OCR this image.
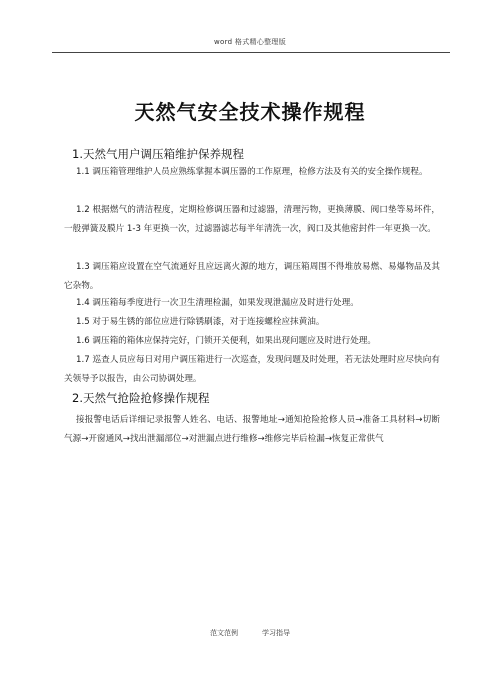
word 格式精心整理版
天然气安全技术操作规程
1.天然气用户调压箱维护保养规程
1.1 调压箱管理维护人员应熟练掌握本调压器的工作原理，检修方法及有关的安全操作规程。
1.2 根据燃气的清洁程度，定期检修调压器和过滤器，清理污物，更换薄膜、阀口垫等易坏件，一般弹簧及膜片 1-3 年更换一次，过滤器滤芯每半年清洗一次，阀口及其他密封件一年更换一次。
1.3 调压箱应设置在空气流通好且应远离火源的地方，调压箱周围不得堆放易燃、易爆物品及其它杂物。
1.4 调压箱每季度进行一次卫生清理检漏，如果发现泄漏应及时进行处理。
1.5 对于易生锈的部位应进行除锈刷漆，对于连接螺栓应抹黄油。
1.6 调压箱的箱体应保持完好，门锁开关便利，如果出现问题应及时进行处理。
1.7 巡查人员应每日对用户调压箱进行一次巡查，发现问题及时处理，若无法处理时应尽快向有关领导予以报告，由公司协调处理。
2.天然气抢险抢修操作规程
接报警电话后详细记录报警人姓名、电话、报警地址→通知抢险抢修人员→准备工具材料→切断气源→开窗通风→找出泄漏部位→对泄漏点进行维修→维修完毕后检漏→恢复正常供气
范文范例	学习指导
